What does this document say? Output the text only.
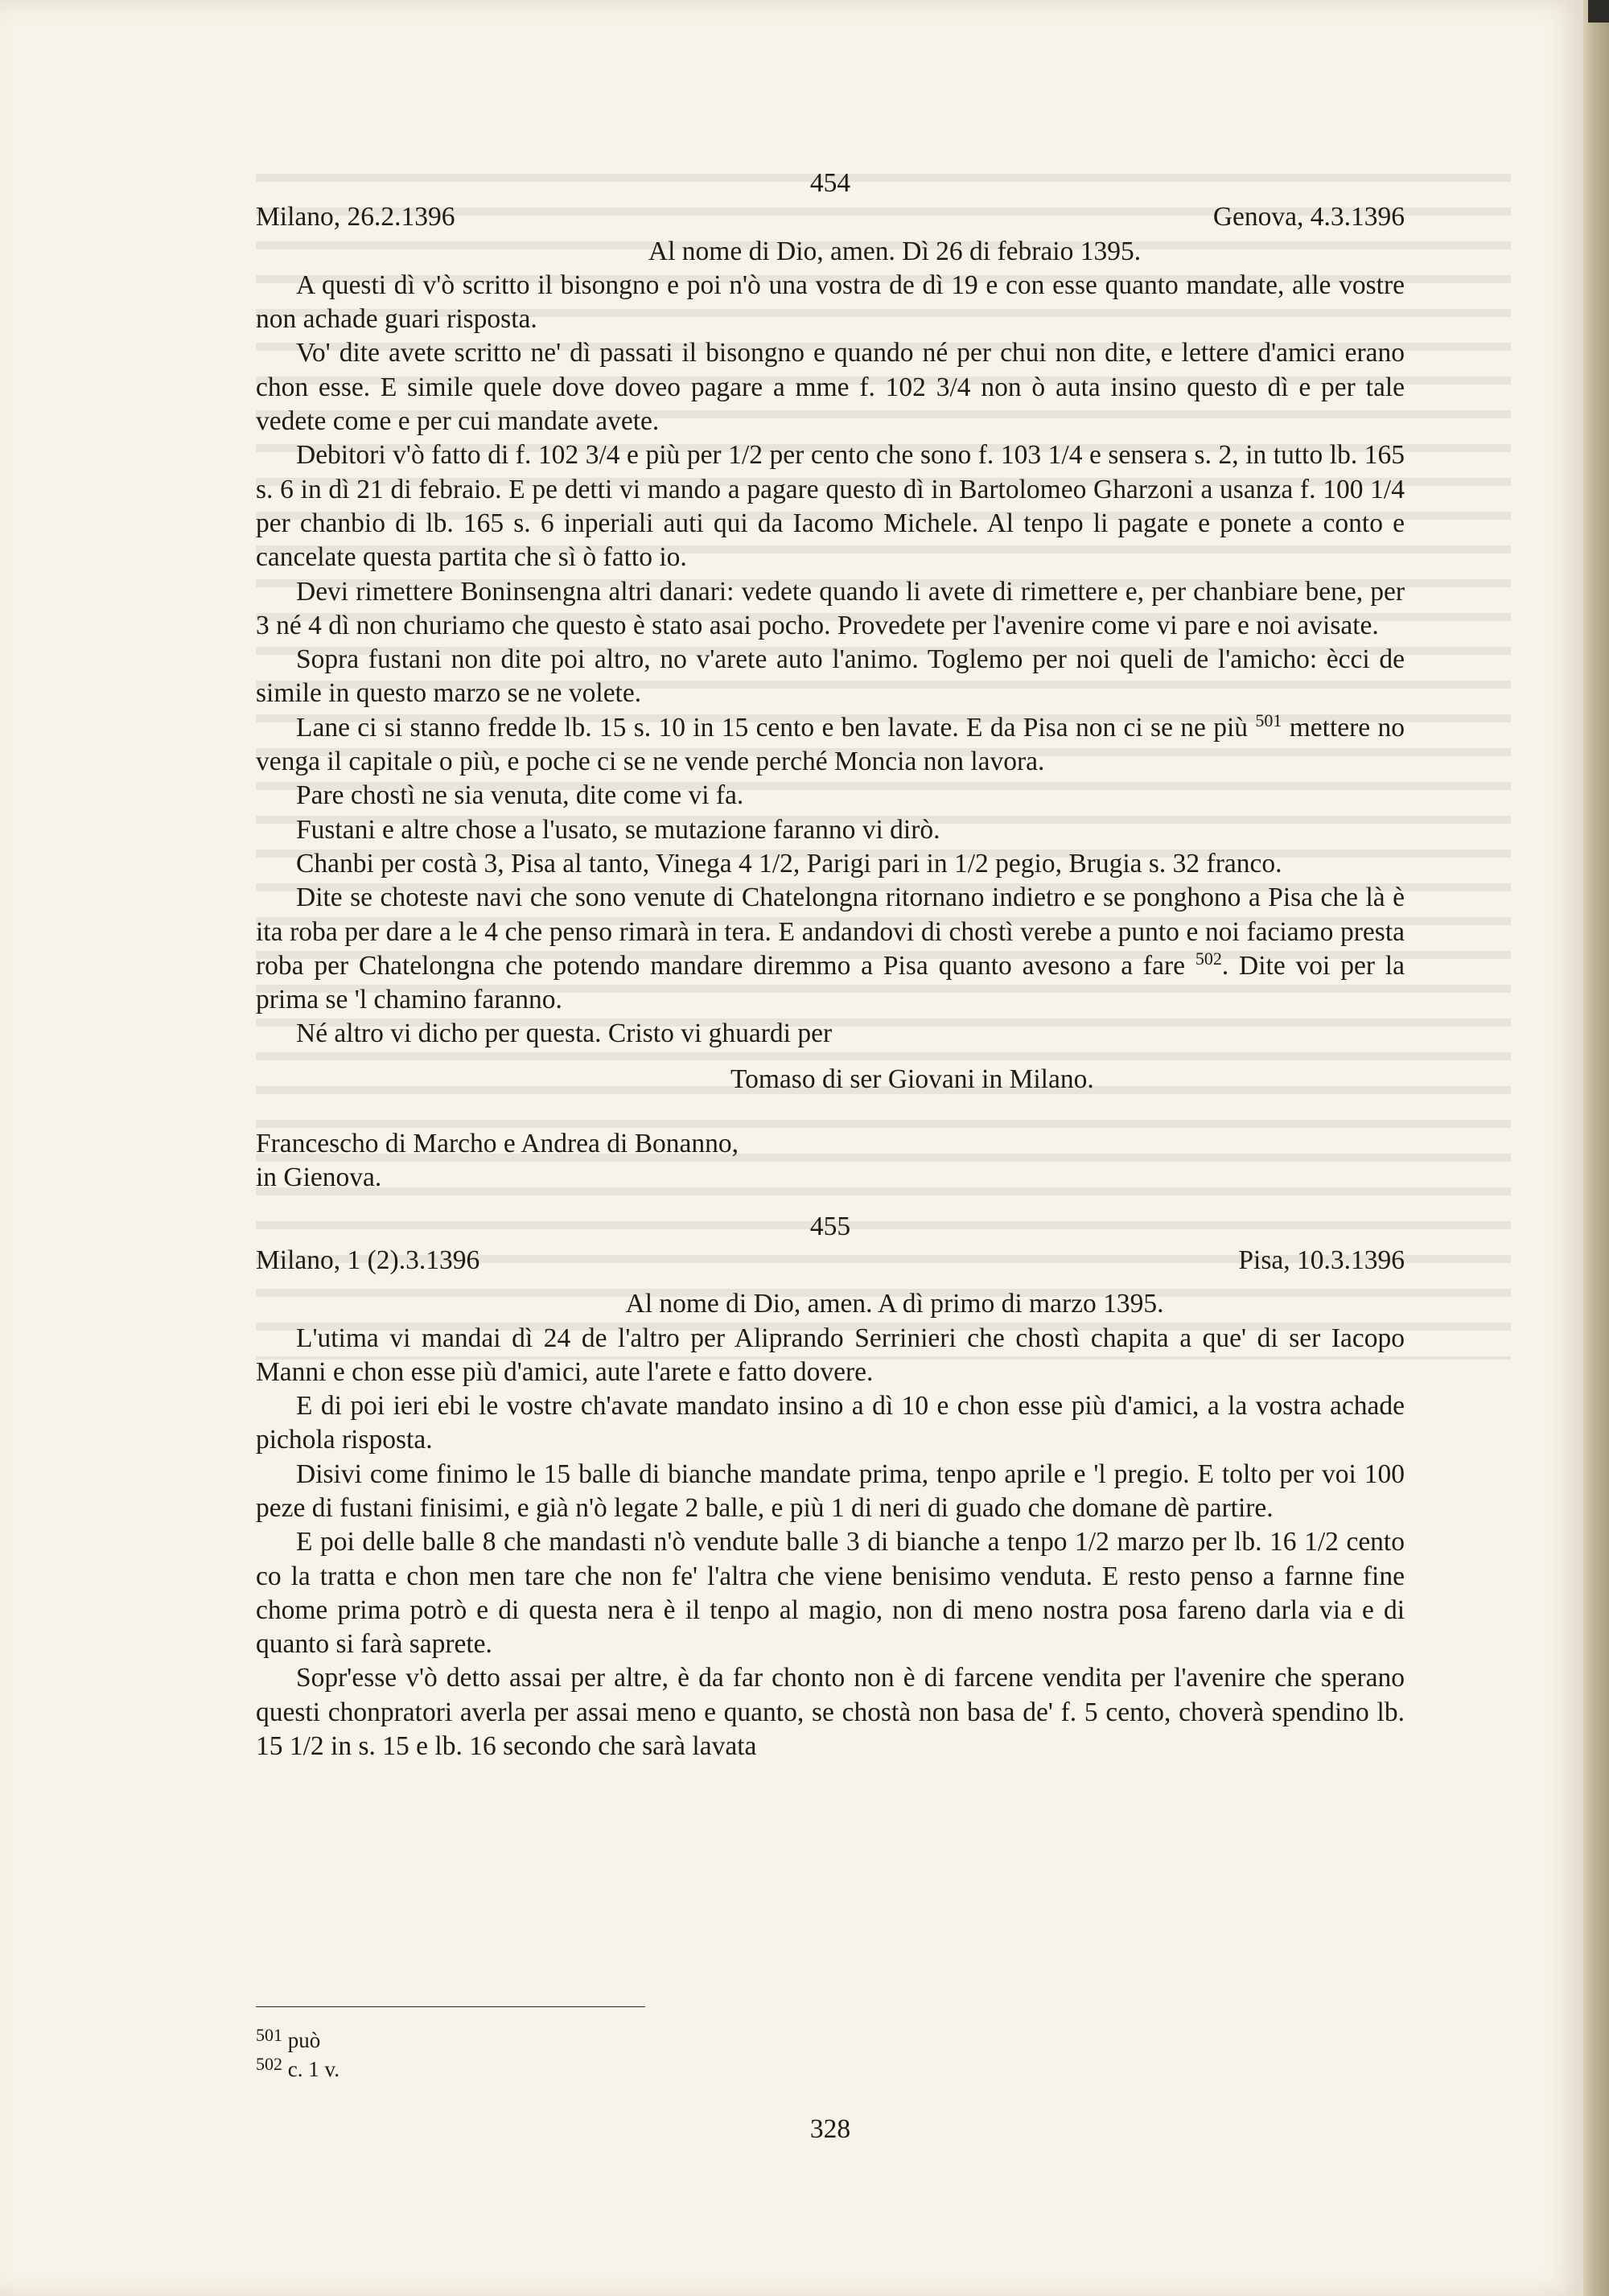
454
Milano, 26.2.1396	Genova, 4.3.1396
Al nome di Dio, amen. Dì 26 di febraio 1395.

A questi dì v'ò scritto il bisongno e poi n'ò una vostra de dì 19 e con esse quanto mandate, alle vostre non achade guari risposta.

Vo' dite avete scritto ne' dì passati il bisongno e quando né per chui non dite, e lettere d'amici erano chon esse. E simile quele dove doveo pagare a mme f. 102 3/4 non ò auta insino questo dì e per tale vedete come e per cui mandate avete.

Debitori v'ò fatto di f. 102 3/4 e più per 1/2 per cento che sono f. 103 1/4 e sensera s. 2, in tutto lb. 165 s. 6 in dì 21 di febraio. E pe detti vi mando a pagare questo dì in Bartolomeo Gharzoni a usanza f. 100 1/4 per chanbio di lb. 165 s. 6 inperiali auti qui da Iacomo Michele. Al tenpo li pagate e ponete a conto e cancelate questa partita che sì ò fatto io.

Devi rimettere Boninsengna altri danari: vedete quando li avete di rimettere e, per chanbiare bene, per 3 né 4 dì non churiamo che questo è stato asai pocho. Provedete per l'avenire come vi pare e noi avisate.

Sopra fustani non dite poi altro, no v'arete auto l'animo. Toglemo per noi queli de l'amicho: ècci de simile in questo marzo se ne volete.

Lane ci si stanno fredde lb. 15 s. 10 in 15 cento e ben lavate. E da Pisa non ci se ne più $^{501}$ mettere no venga il capitale o più, e poche ci se ne vende perché Moncia non lavora.

Pare chostì ne sia venuta, dite come vi fa.

Fustani e altre chose a l'usato, se mutazione faranno vi dirò.

Chanbi per costà 3, Pisa al tanto, Vinega 4 1/2, Parigi pari in 1/2 pegio, Brugia s. 32 franco.

Dite se choteste navi che sono venute di Chatelongna ritornano indietro e se ponghono a Pisa che là è ita roba per dare a le 4 che penso rimarà in tera. E andandovi di chostì verebe a punto e noi faciamo presta roba per Chatelongna che potendo mandare diremmo a Pisa quanto avesono a fare $^{502}$. Dite voi per la prima se 'l chamino faranno.

Né altro vi dicho per questa. Cristo vi ghuardi per

Tomaso di ser Giovani in Milano.
Francescho di Marcho e Andrea di Bonanno,
in Gienova.
455
Milano, 1 (2).3.1396	Pisa, 10.3.1396
Al nome di Dio, amen. A dì primo di marzo 1395.

L'utima vi mandai dì 24 de l'altro per Aliprando Serrinieri che chostì chapita a que' di ser Iacopo Manni e chon esse più d'amici, aute l'arete e fatto dovere.

E di poi ieri ebi le vostre ch'avate mandato insino a dì 10 e chon esse più d'amici, a la vostra achade pichola risposta.

Disivi come finimo le 15 balle di bianche mandate prima, tenpo aprile e 'l pregio. E tolto per voi 100 peze di fustani finisimi, e già n'ò legate 2 balle, e più 1 di neri di guado che domane dè partire.

E poi delle balle 8 che mandasti n'ò vendute balle 3 di bianche a tenpo 1/2 marzo per lb. 16 1/2 cento co la tratta e chon men tare che non fe' l'altra che viene benisimo venduta. E resto penso a farnne fine chome prima potrò e di questa nera è il tenpo al magio, non di meno nostra posa fareno darla via e di quanto si farà saprete.

Sopr'esse v'ò detto assai per altre, è da far chonto non è di farcene vendita per l'avenire che sperano questi chonpratori averla per assai meno e quanto, se chostà non basa de' f. 5 cento, choverà spendino lb. 15 1/2 in s. 15 e lb. 16 secondo che sarà lavata

$^{501}$ può
$^{502}$ c. 1 v.
328
